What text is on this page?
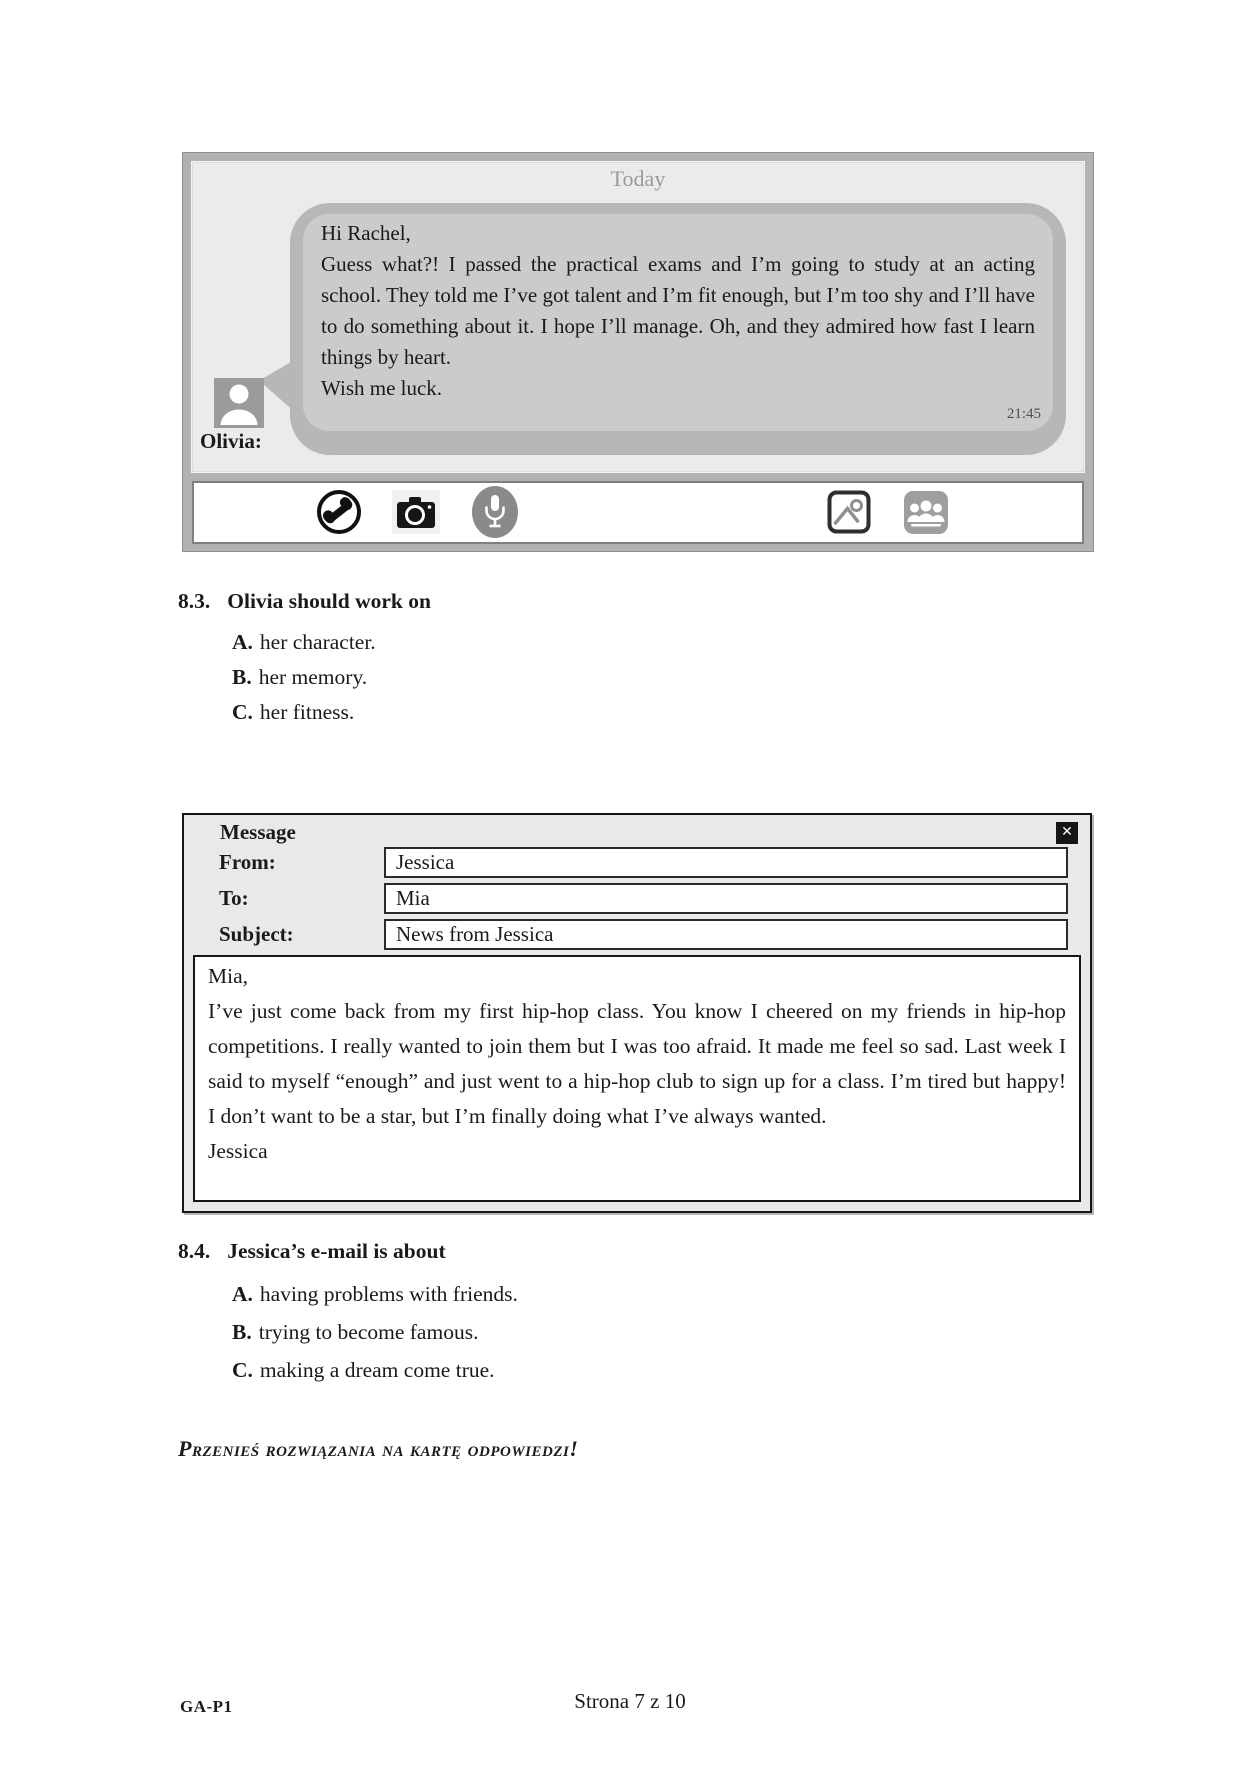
Today
Hi Rachel,
Guess what?! I passed the practical exams and I’m going to study at an acting school. They told me I’ve got talent and I’m fit enough, but I’m too shy and I’ll have to do something about it. I hope I’ll manage. Oh, and they admired how fast I learn things by heart.
Wish me luck.
21:45
Olivia:
8.3. Olivia should work on
A. her character.
B. her memory.
C. her fitness.
Message	✕
From:	Jessica
To:	Mia
Subject:	News from Jessica
Mia,
I’ve just come back from my first hip-hop class. You know I cheered on my friends in hip-hop competitions. I really wanted to join them but I was too afraid. It made me feel so sad. Last week I said to myself “enough” and just went to a hip-hop club to sign up for a class. I’m tired but happy! I don’t want to be a star, but I’m finally doing what I’ve always wanted.
Jessica
8.4. Jessica’s e-mail is about
A. having problems with friends.
B. trying to become famous.
C. making a dream come true.
Przenieś rozwiązania na kartę odpowiedzi!
GA-P1	Strona 7 z 10
